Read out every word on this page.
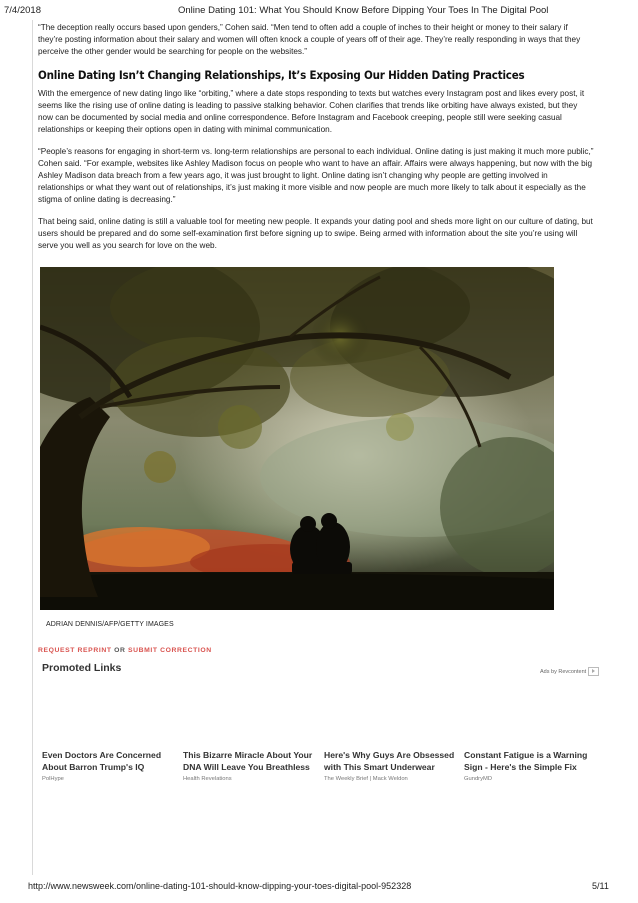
7/4/2018	Online Dating 101: What You Should Know Before Dipping Your Toes In The Digital Pool

“The deception really occurs based upon genders,” Cohen said. “Men tend to often add a couple of inches to their height or money to their salary if they’re posting information about their salary and women will often knock a couple of years off of their age. They’re really responding in ways that they perceive the other gender would be searching for people on the websites.”

Online Dating Isn’t Changing Relationships, It’s Exposing Our Hidden Dating Practices

With the emergence of new dating lingo like “orbiting,” where a date stops responding to texts but watches every Instagram post and likes every post, it seems like the rising use of online dating is leading to passive stalking behavior. Cohen clarifies that trends like orbiting have always existed, but they now can be documented by social media and online correspondence. Before Instagram and Facebook creeping, people still were seeking casual relationships or keeping their options open in dating with minimal communication.

“People’s reasons for engaging in short-term vs. long-term relationships are personal to each individual. Online dating is just making it much more public,” Cohen said. “For example, websites like Ashley Madison focus on people who want to have an affair. Affairs were always happening, but now with the big Ashley Madison data breach from a few years ago, it was just brought to light. Online dating isn’t changing why people are getting involved in relationships or what they want out of relationships, it’s just making it more visible and now people are much more likely to talk about it especially as the stigma of online dating is decreasing.”

That being said, online dating is still a valuable tool for meeting new people. It expands your dating pool and sheds more light on our culture of dating, but users should be prepared and do some self-examination first before signing up to swipe. Being armed with information about the site you’re using will serve you well as you search for love on the web.

ADRIAN DENNIS/AFP/GETTY IMAGES
REQUEST REPRINT OR SUBMIT CORRECTION
Promoted Links	Ads by Revcontent
Even Doctors Are Concerned About Barron Trump's IQ
PolHype
This Bizarre Miracle About Your DNA Will Leave You Breathless
Health Revelations
Here's Why Guys Are Obsessed with This Smart Underwear
The Weekly Brief | Mack Weldon
Constant Fatigue is a Warning Sign - Here's the Simple Fix
GundryMD
http://www.newsweek.com/online-dating-101-should-know-dipping-your-toes-digital-pool-952328	5/11
